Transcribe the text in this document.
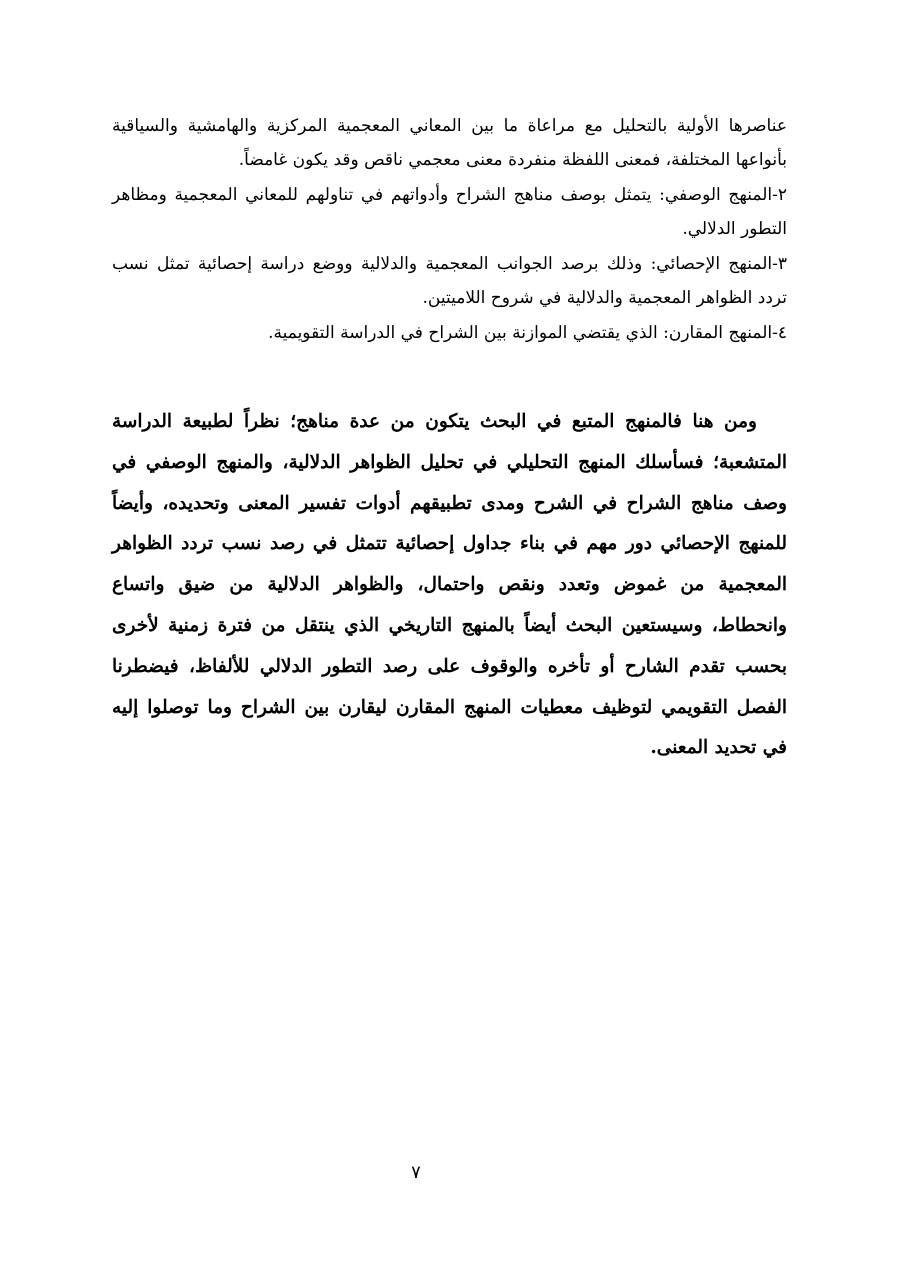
عناصرها الأولية بالتحليل مع مراعاة ما بين المعاني المعجمية المركزية والهامشية والسياقية بأنواعها المختلفة، فمعنى اللفظة منفردة معنى معجمي ناقص وقد يكون غامضاً.

٢-المنهج الوصفي: يتمثل بوصف مناهج الشراح وأدواتهم في تناولهم للمعاني المعجمية ومظاهر التطور الدلالي.

٣-المنهج الإحصائي: وذلك برصد الجوانب المعجمية والدلالية ووضع دراسة إحصائية تمثل نسب تردد الظواهر المعجمية والدلالية في شروح اللاميتين.

٤-المنهج المقارن: الذي يقتضي الموازنة بين الشراح في الدراسة التقويمية.

ومن هنا فالمنهج المتبع في البحث يتكون من عدة مناهج؛ نظراً لطبيعة الدراسة المتشعبة؛ فسأسلك المنهج التحليلي في تحليل الظواهر الدلالية، والمنهج الوصفي في وصف مناهج الشراح في الشرح ومدى تطبيقهم أدوات تفسير المعنى وتحديده، وأيضاً للمنهج الإحصائي دور مهم في بناء جداول إحصائية تتمثل في رصد نسب تردد الظواهر المعجمية من غموض وتعدد ونقص واحتمال، والظواهر الدلالية من ضيق واتساع وانحطاط، وسيستعين البحث أيضاً بالمنهج التاريخي الذي ينتقل من فترة زمنية لأخرى بحسب تقدم الشارح أو تأخره والوقوف على رصد التطور الدلالي للألفاظ، فيضطرنا الفصل التقويمي لتوظيف معطيات المنهج المقارن ليقارن بين الشراح وما توصلوا إليه في تحديد المعنى.

٧
